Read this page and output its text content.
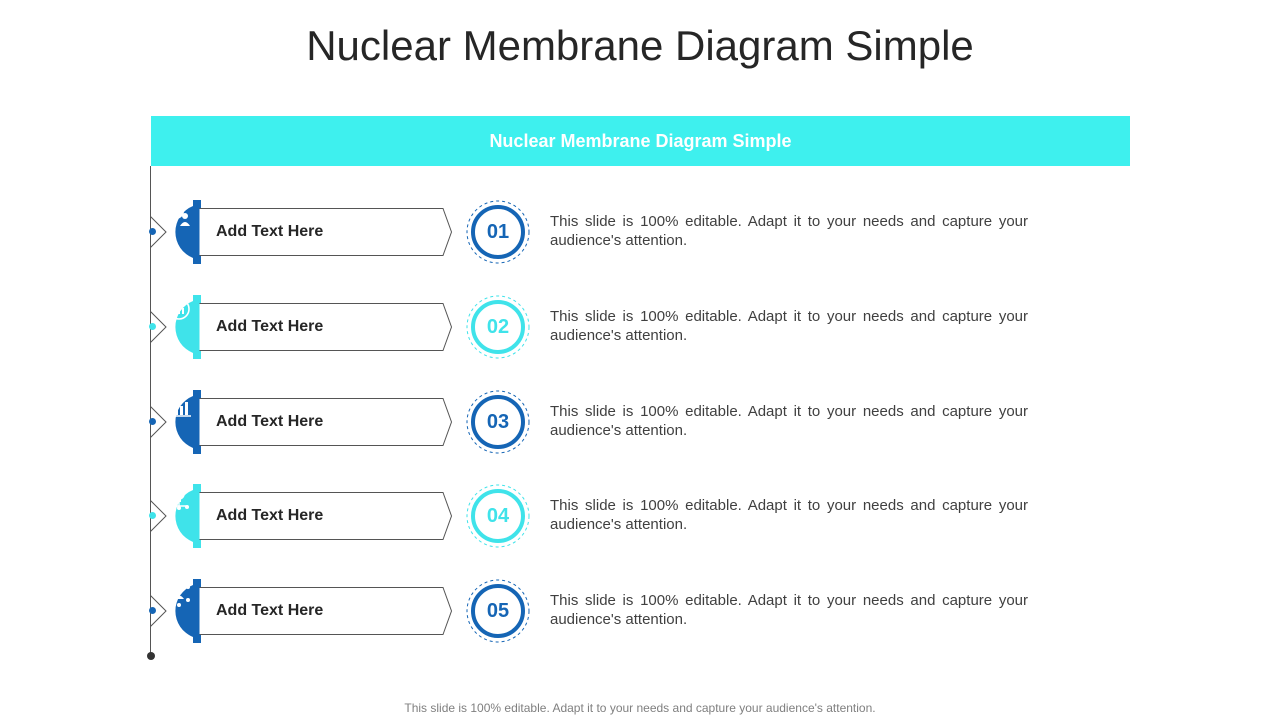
Nuclear Membrane Diagram Simple
Nuclear Membrane Diagram Simple
Add Text Here	01	This slide is 100% editable. Adapt it to your needs and capture your audience's attention.
Add Text Here	02	This slide is 100% editable. Adapt it to your needs and capture your audience's attention.
Add Text Here	03	This slide is 100% editable. Adapt it to your needs and capture your audience's attention.
Add Text Here	04	This slide is 100% editable. Adapt it to your needs and capture your audience's attention.
Add Text Here	05	This slide is 100% editable. Adapt it to your needs and capture your audience's attention.
This slide is 100% editable. Adapt it to your needs and capture your audience's attention.
